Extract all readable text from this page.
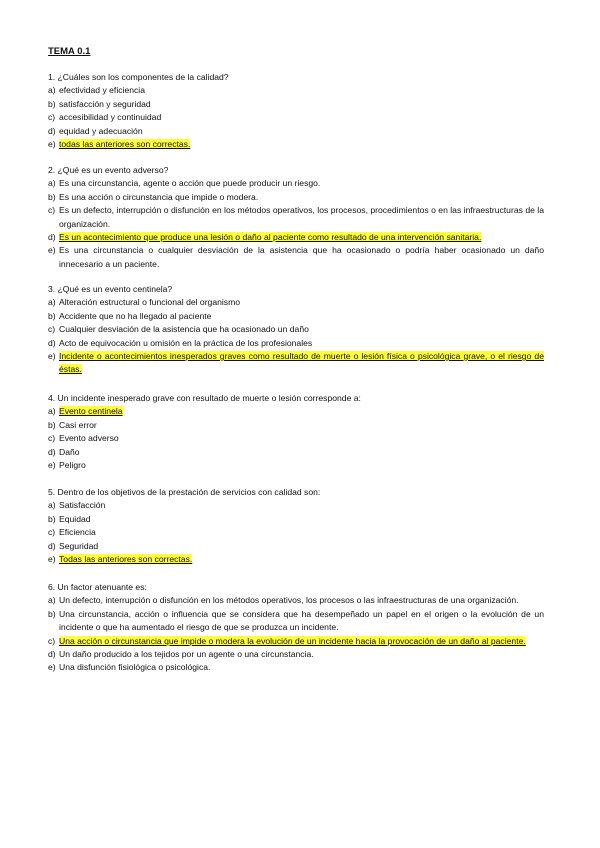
TEMA 0.1

1. ¿Cuáles son los componentes de la calidad?

a) efectividad y eficiencia
b) satisfacción y seguridad
c) accesibilidad y continuidad
d) equidad y adecuación
e) todas las anteriores son correctas.

2. ¿Qué es un evento adverso?

a) Es una circunstancia, agente o acción que puede producir un riesgo.
b) Es una acción o circunstancia que impide o modera.
c) Es un defecto, interrupción o disfunción en los métodos operativos, los procesos, procedimientos o en las infraestructuras de la organización.
d) Es un acontecimiento que produce una lesión o daño al paciente como resultado de una intervención sanitaria.
e) Es una circunstancia o cualquier desviación de la asistencia que ha ocasionado o podría haber ocasionado un daño innecesario a un paciente.

3. ¿Qué es un evento centinela?

a) Alteración estructural o funcional del organismo
b) Accidente que no ha llegado al paciente
c) Cualquier desviación de la asistencia que ha ocasionado un daño
d) Acto de equivocación u omisión en la práctica de los profesionales
e) Incidente o acontecimientos inesperados graves como resultado de muerte o lesión física o psicológica grave, o el riesgo de éstas.

4. Un incidente inesperado grave con resultado de muerte o lesión corresponde a:

a) Evento centinela
b) Casi error
c) Evento adverso
d) Daño
e) Peligro

5. Dentro de los objetivos de la prestación de servicios con calidad son:

a) Satisfacción
b) Equidad
c) Eficiencia
d) Seguridad
e) Todas las anteriores son correctas.

6. Un factor atenuante es:

a) Un defecto, interrupción o disfunción en los métodos operativos, los procesos o las infraestructuras de una organización.
b) Una circunstancia, acción o influencia que se considera que ha desempeñado un papel en el origen o la evolución de un incidente o que ha aumentado el riesgo de que se produzca un incidente.
c) Una acción o circunstancia que impide o modera la evolución de un incidente hacia la provocación de un daño al paciente.
d) Un daño producido a los tejidos por un agente o una circunstancia.
e) Una disfunción fisiológica o psicológica.
